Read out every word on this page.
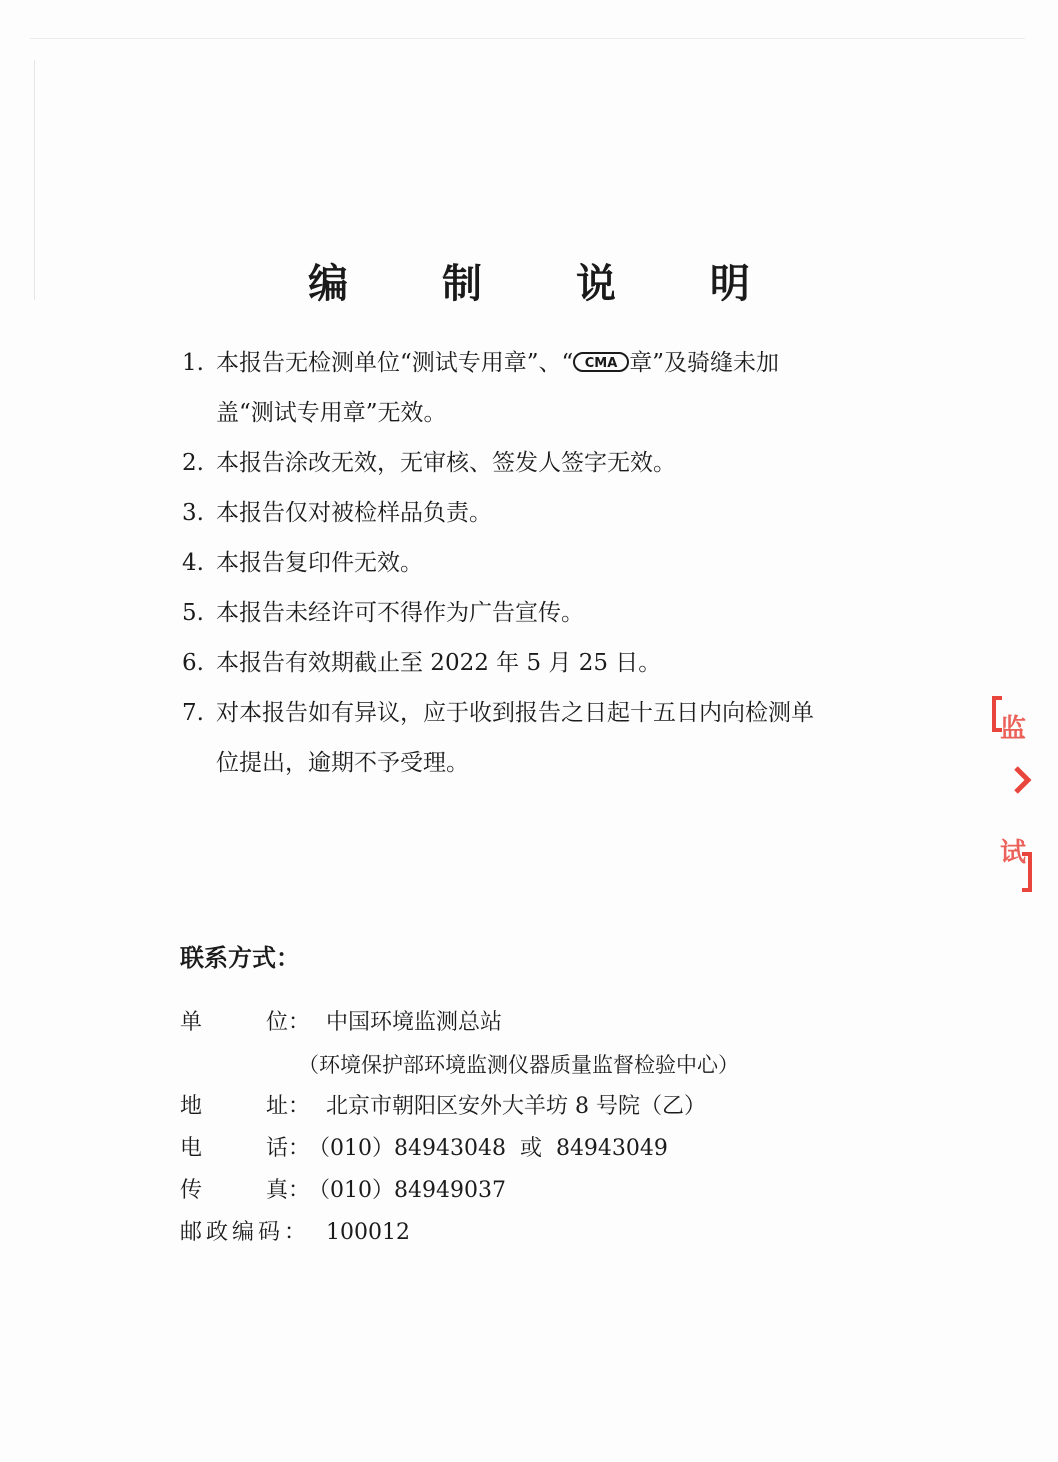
编 制 说 明
1. 本报告无检测单位“测试专用章”、“ CMA 章”及骑缝未加
盖“测试专用章”无效。
2. 本报告涂改无效，无审核、签发人签字无效。
3. 本报告仅对被检样品负责。
4. 本报告复印件无效。
5. 本报告未经许可不得作为广告宣传。
6. 本报告有效期截止至 2022 年 5 月 25 日。
7. 对本报告如有异议，应于收到报告之日起十五日内向检测单
位提出，逾期不予受理。
联系方式：
单	位： 中国环境监测总站
（环境保护部环境监测仪器质量监督检验中心）
地	址： 北京市朝阳区安外大羊坊 8 号院（乙）
电	话：
（010）84943048  或  84943049
传	真：
（010）84949037
邮政编码： 100012
监
试
